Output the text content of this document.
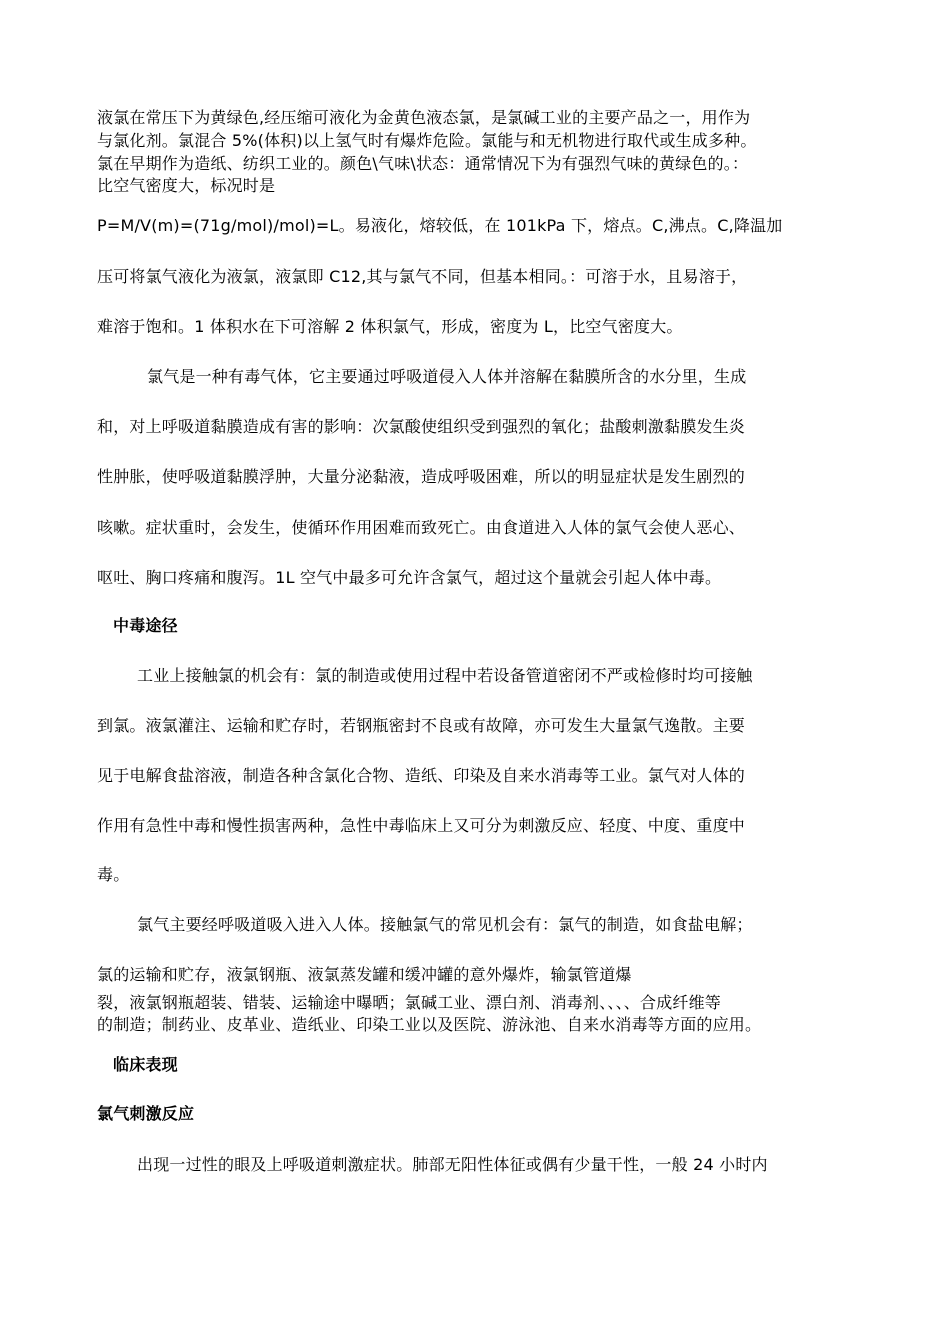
液氯在常压下为黄绿色,经压缩可液化为金黄色液态氯，是氯碱工业的主要产品之一，用作为
与氯化剂。氯混合 5%(体积)以上氢气时有爆炸危险。氯能与和无机物进行取代或生成多种。
氯在早期作为造纸、纺织工业的。颜色\气味\状态：通常情况下为有强烈气味的黄绿色的。：
比空气密度大，标况时是
P=M/V(m)=(71g/mol)/mol)=L。易液化，熔较低，在 101kPa 下，熔点。C,沸点。C,降温加
压可将氯气液化为液氯，液氯即 C12,其与氯气不同，但基本相同。：可溶于水，且易溶于，
难溶于饱和。1 体积水在下可溶解 2 体积氯气，形成，密度为 L，比空气密度大。
氯气是一种有毒气体，它主要通过呼吸道侵入人体并溶解在黏膜所含的水分里，生成
和，对上呼吸道黏膜造成有害的影响：次氯酸使组织受到强烈的氧化；盐酸刺激黏膜发生炎
性肿胀，使呼吸道黏膜浮肿，大量分泌黏液，造成呼吸困难，所以的明显症状是发生剧烈的
咳嗽。症状重时，会发生，使循环作用困难而致死亡。由食道进入人体的氯气会使人恶心、
呕吐、胸口疼痛和腹泻。1L 空气中最多可允许含氯气，超过这个量就会引起人体中毒。
中毒途径
工业上接触氯的机会有：氯的制造或使用过程中若设备管道密闭不严或检修时均可接触
到氯。液氯灌注、运输和贮存时，若钢瓶密封不良或有故障，亦可发生大量氯气逸散。主要
见于电解食盐溶液，制造各种含氯化合物、造纸、印染及自来水消毒等工业。氯气对人体的
作用有急性中毒和慢性损害两种，急性中毒临床上又可分为刺激反应、轻度、中度、重度中
毒。
氯气主要经呼吸道吸入进入人体。接触氯气的常见机会有：氯气的制造，如食盐电解；
氯的运输和贮存，液氯钢瓶、液氯蒸发罐和缓冲罐的意外爆炸，输氯管道爆
裂，液氯钢瓶超装、错装、运输途中曝晒；氯碱工业、漂白剂、消毒剂、、、、合成纤维等
的制造；制药业、皮革业、造纸业、印染工业以及医院、游泳池、自来水消毒等方面的应用。
临床表现
氯气刺激反应
出现一过性的眼及上呼吸道刺激症状。肺部无阳性体征或偶有少量干性，一般 24 小时内
